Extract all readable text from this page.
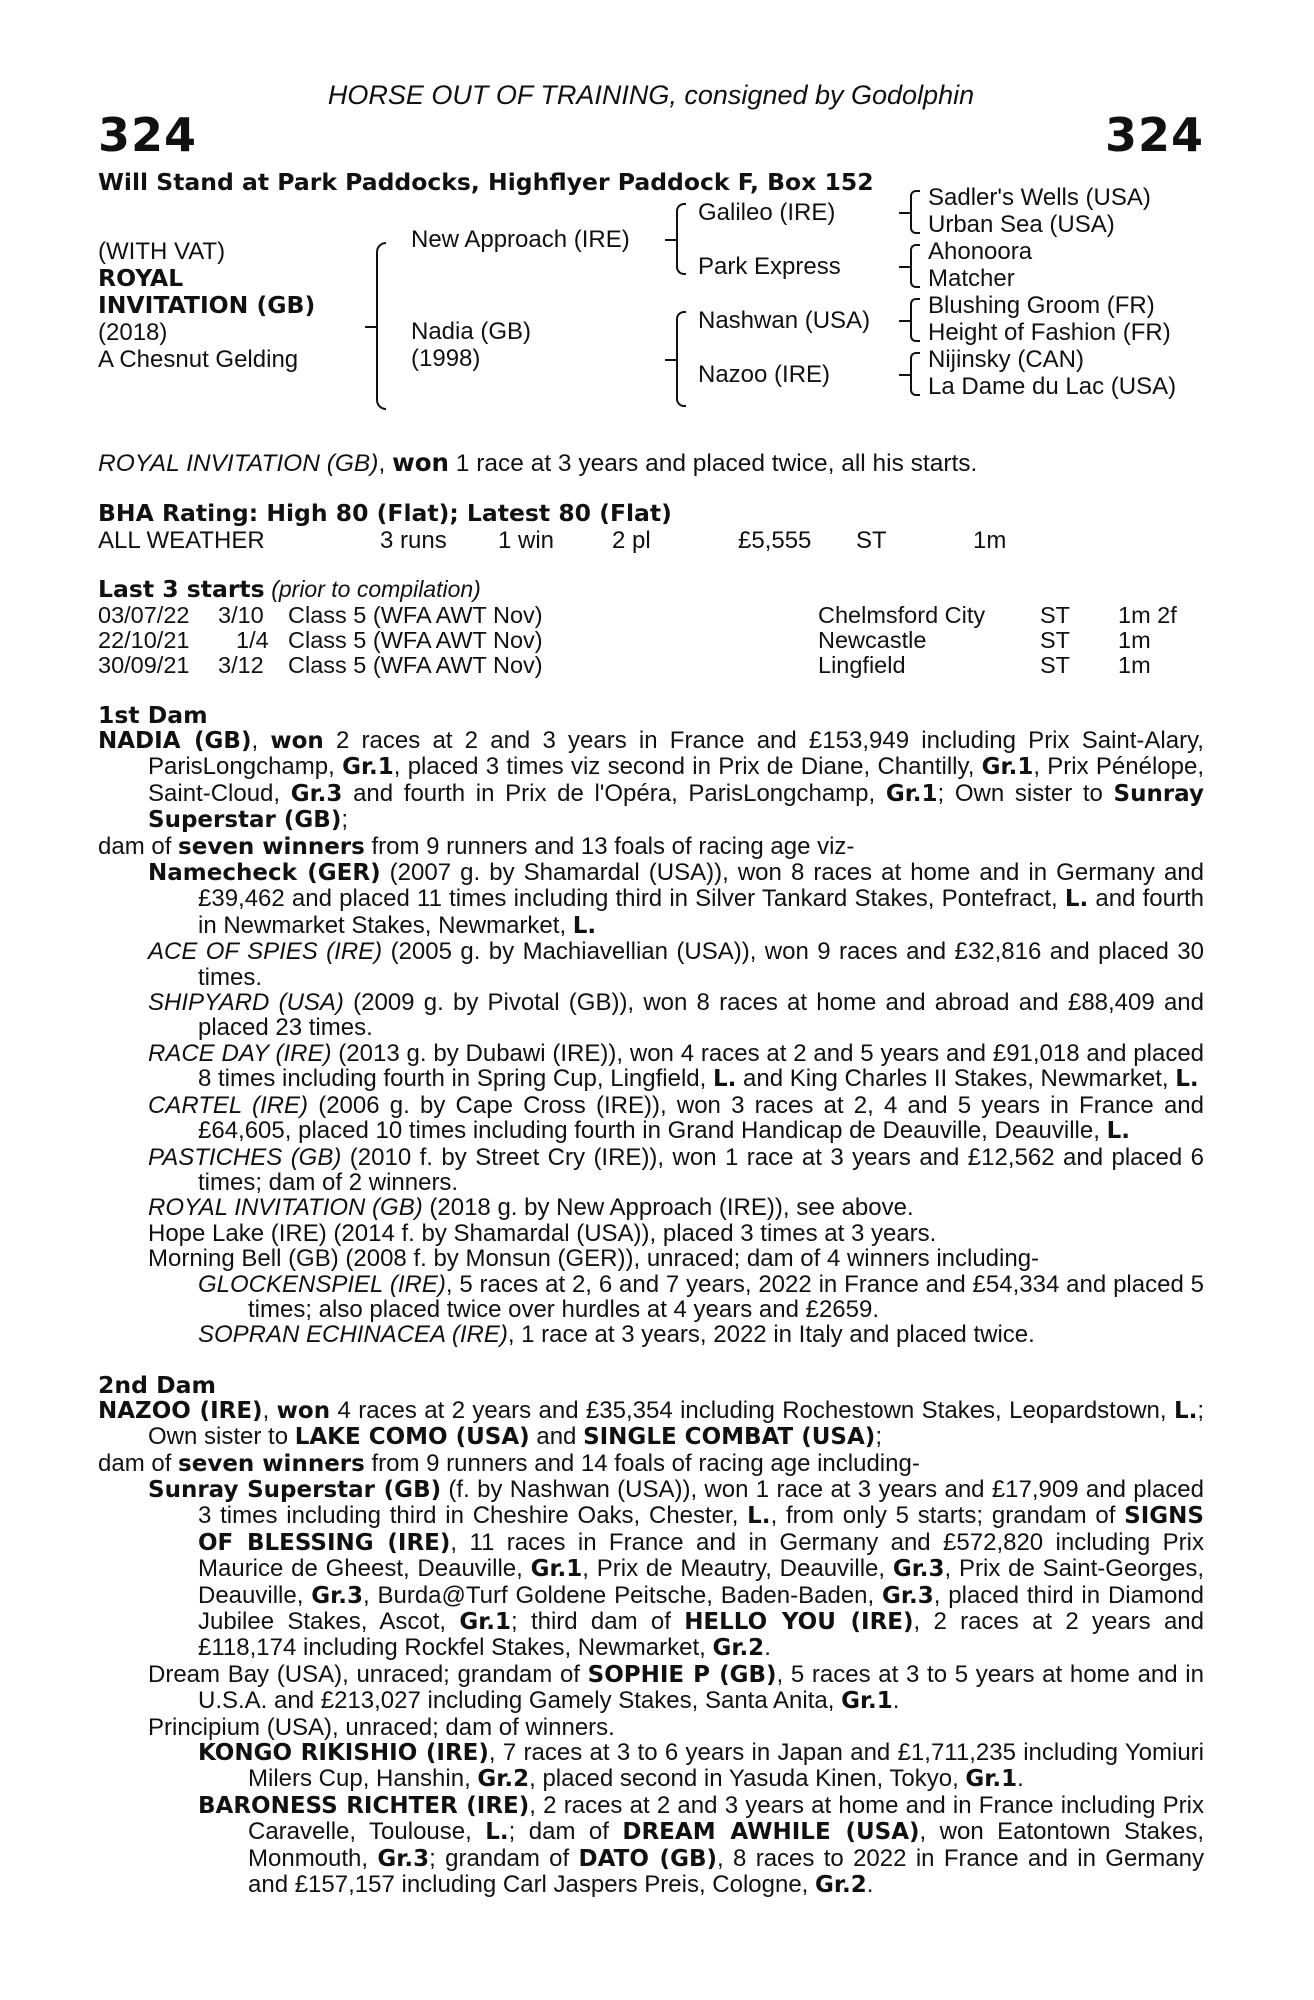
HORSE OUT OF TRAINING, consigned by Godolphin
324	324
Will Stand at Park Paddocks, Highflyer Paddock F, Box 152
(WITH VAT)
ROYAL
INVITATION (GB)
(2018)
A Chesnut Gelding
New Approach (IRE)
Nadia (GB)
(1998)
Galileo (IRE)
Park Express
Nashwan (USA)
Nazoo (IRE)
Sadler's Wells (USA)
Urban Sea (USA)
Ahonoora
Matcher
Blushing Groom (FR)
Height of Fashion (FR)
Nijinsky (CAN)
La Dame du Lac (USA)
ROYAL INVITATION (GB), won 1 race at 3 years and placed twice, all his starts.
BHA Rating: High 80 (Flat); Latest 80 (Flat)
ALL WEATHER	3 runs 1 win 2 pl	£5,555 ST	1m
Last 3 starts (prior to compilation)
03/07/22 3/10 Class 5 (WFA AWT Nov)	Chelmsford City ST 1m 2f
22/10/21 1/4 Class 5 (WFA AWT Nov)	Newcastle	ST 1m
30/09/21 3/12 Class 5 (WFA AWT Nov)	Lingfield	ST 1m
1st Dam
NADIA (GB), won 2 races at 2 and 3 years in France and £153,949 including Prix Saint-Alary, ParisLongchamp, Gr.1, placed 3 times viz second in Prix de Diane, Chantilly, Gr.1, Prix Pénélope, Saint-Cloud, Gr.3 and fourth in Prix de l'Opéra, ParisLongchamp, Gr.1; Own sister to Sunray Superstar (GB);
dam of seven winners from 9 runners and 13 foals of racing age viz-
Namecheck (GER) (2007 g. by Shamardal (USA)), won 8 races at home and in Germany and £39,462 and placed 11 times including third in Silver Tankard Stakes, Pontefract, L. and fourth in Newmarket Stakes, Newmarket, L.
ACE OF SPIES (IRE) (2005 g. by Machiavellian (USA)), won 9 races and £32,816 and placed 30 times.
SHIPYARD (USA) (2009 g. by Pivotal (GB)), won 8 races at home and abroad and £88,409 and placed 23 times.
RACE DAY (IRE) (2013 g. by Dubawi (IRE)), won 4 races at 2 and 5 years and £91,018 and placed 8 times including fourth in Spring Cup, Lingfield, L. and King Charles II Stakes, Newmarket, L.
CARTEL (IRE) (2006 g. by Cape Cross (IRE)), won 3 races at 2, 4 and 5 years in France and £64,605, placed 10 times including fourth in Grand Handicap de Deauville, Deauville, L.
PASTICHES (GB) (2010 f. by Street Cry (IRE)), won 1 race at 3 years and £12,562 and placed 6 times; dam of 2 winners.
ROYAL INVITATION (GB) (2018 g. by New Approach (IRE)), see above.
Hope Lake (IRE) (2014 f. by Shamardal (USA)), placed 3 times at 3 years.
Morning Bell (GB) (2008 f. by Monsun (GER)), unraced; dam of 4 winners including-
GLOCKENSPIEL (IRE), 5 races at 2, 6 and 7 years, 2022 in France and £54,334 and placed 5 times; also placed twice over hurdles at 4 years and £2659.
SOPRAN ECHINACEA (IRE), 1 race at 3 years, 2022 in Italy and placed twice.
2nd Dam
NAZOO (IRE), won 4 races at 2 years and £35,354 including Rochestown Stakes, Leopardstown, L.; Own sister to LAKE COMO (USA) and SINGLE COMBAT (USA);
dam of seven winners from 9 runners and 14 foals of racing age including-
Sunray Superstar (GB) (f. by Nashwan (USA)), won 1 race at 3 years and £17,909 and placed 3 times including third in Cheshire Oaks, Chester, L., from only 5 starts; grandam of SIGNS OF BLESSING (IRE), 11 races in France and in Germany and £572,820 including Prix Maurice de Gheest, Deauville, Gr.1, Prix de Meautry, Deauville, Gr.3, Prix de Saint-Georges, Deauville, Gr.3, Burda@Turf Goldene Peitsche, Baden-Baden, Gr.3, placed third in Diamond Jubilee Stakes, Ascot, Gr.1; third dam of HELLO YOU (IRE), 2 races at 2 years and £118,174 including Rockfel Stakes, Newmarket, Gr.2.
Dream Bay (USA), unraced; grandam of SOPHIE P (GB), 5 races at 3 to 5 years at home and in U.S.A. and £213,027 including Gamely Stakes, Santa Anita, Gr.1.
Principium (USA), unraced; dam of winners.
KONGO RIKISHIO (IRE), 7 races at 3 to 6 years in Japan and £1,711,235 including Yomiuri Milers Cup, Hanshin, Gr.2, placed second in Yasuda Kinen, Tokyo, Gr.1.
BARONESS RICHTER (IRE), 2 races at 2 and 3 years at home and in France including Prix Caravelle, Toulouse, L.; dam of DREAM AWHILE (USA), won Eatontown Stakes, Monmouth, Gr.3; grandam of DATO (GB), 8 races to 2022 in France and in Germany and £157,157 including Carl Jaspers Preis, Cologne, Gr.2.
